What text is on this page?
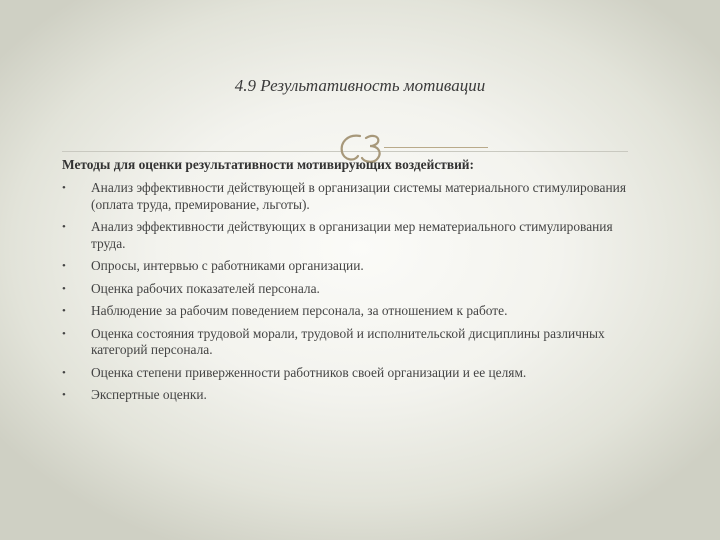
4.9 Результативность мотивации
Методы для оценки результативности мотивирующих воздействий:
•	Анализ эффективности действующей в организации системы материального стимулирования (оплата труда, премирование, льготы).
•	Анализ эффективности действующих в организации мер нематериального стимулирования труда.
•	Опросы, интервью с работниками организации.
•	Оценка рабочих показателей персонала.
•	Наблюдение за рабочим поведением персонала, за отношением к работе.
•	Оценка состояния трудовой морали, трудовой и исполнительской дисциплины различных категорий персонала.
•	Оценка степени приверженности работников своей организации и ее целям.
•	Экспертные оценки.
